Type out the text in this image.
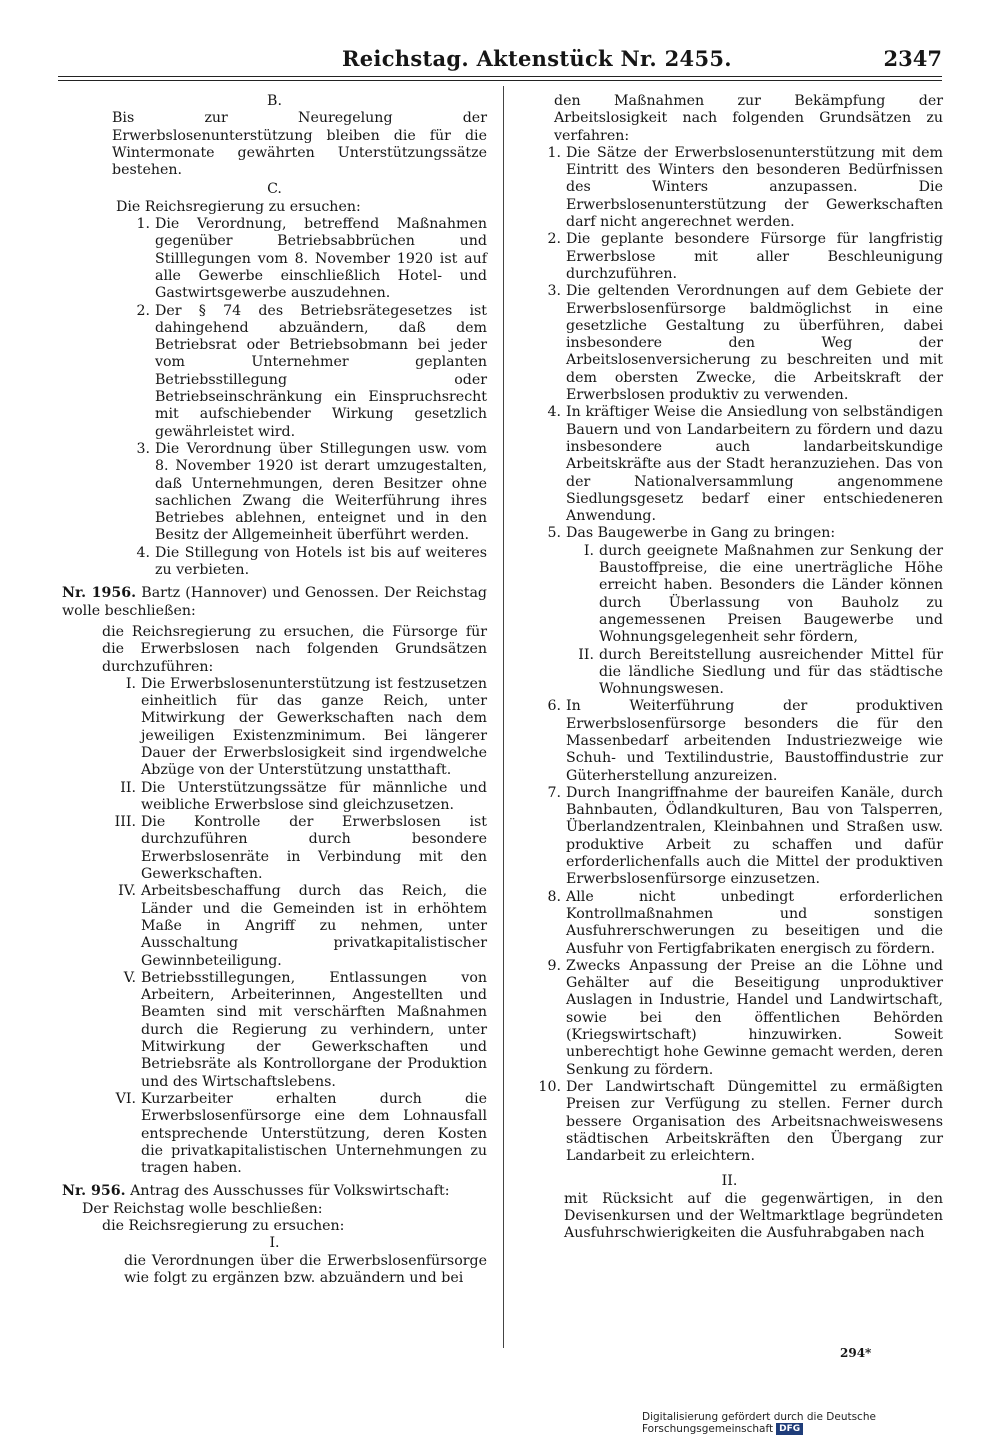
Reichstag. Aktenstück Nr. 2455.	2347

B.

Bis zur Neuregelung der Erwerbslosenunterstützung bleiben die für die Wintermonate gewährten Unterstützungssätze bestehen.

C.

Die Reichsregierung zu ersuchen:

1. Die Verordnung, betreffend Maßnahmen gegenüber Betriebsabbrüchen und Stilllegungen vom 8. November 1920 ist auf alle Gewerbe einschließlich Hotel- und Gastwirtsgewerbe auszudehnen.
2. Der § 74 des Betriebsrätegesetzes ist dahingehend abzuändern, daß dem Betriebsrat oder Betriebsobmann bei jeder vom Unternehmer geplanten Betriebsstillegung oder Betriebseinschränkung ein Einspruchsrecht mit aufschiebender Wirkung gesetzlich gewährleistet wird.
3. Die Verordnung über Stillegungen usw. vom 8. November 1920 ist derart umzugestalten, daß Unternehmungen, deren Besitzer ohne sachlichen Zwang die Weiterführung ihres Betriebes ablehnen, enteignet und in den Besitz der Allgemeinheit überführt werden.
4. Die Stillegung von Hotels ist bis auf weiteres zu verbieten.

Nr. 1956. Bartz (Hannover) und Genossen. Der Reichstag wolle beschließen:

die Reichsregierung zu ersuchen, die Fürsorge für die Erwerbslosen nach folgenden Grundsätzen durchzuführen:

I. Die Erwerbslosenunterstützung ist festzusetzen einheitlich für das ganze Reich, unter Mitwirkung der Gewerkschaften nach dem jeweiligen Existenzminimum. Bei längerer Dauer der Erwerbslosigkeit sind irgendwelche Abzüge von der Unterstützung unstatthaft.
II. Die Unterstützungssätze für männliche und weibliche Erwerbslose sind gleichzusetzen.
III. Die Kontrolle der Erwerbslosen ist durchzuführen durch besondere Erwerbslosenräte in Verbindung mit den Gewerkschaften.
IV. Arbeitsbeschaffung durch das Reich, die Länder und die Gemeinden ist in erhöhtem Maße in Angriff zu nehmen, unter Ausschaltung privatkapitalistischer Gewinnbeteiligung.
V. Betriebsstillegungen, Entlassungen von Arbeitern, Arbeiterinnen, Angestellten und Beamten sind mit verschärften Maßnahmen durch die Regierung zu verhindern, unter Mitwirkung der Gewerkschaften und Betriebsräte als Kontrollorgane der Produktion und des Wirtschaftslebens.
VI. Kurzarbeiter erhalten durch die Erwerbslosenfürsorge eine dem Lohnausfall entsprechende Unterstützung, deren Kosten die privatkapitalistischen Unternehmungen zu tragen haben.

Nr. 956. Antrag des Ausschusses für Volkswirtschaft:

Der Reichstag wolle beschließen:

die Reichsregierung zu ersuchen:

I.

die Verordnungen über die Erwerbslosenfürsorge wie folgt zu ergänzen bzw. abzuändern und bei

den Maßnahmen zur Bekämpfung der Arbeitslosigkeit nach folgenden Grundsätzen zu verfahren:

1. Die Sätze der Erwerbslosenunterstützung mit dem Eintritt des Winters den besonderen Bedürfnissen des Winters anzupassen. Die Erwerbslosenunterstützung der Gewerkschaften darf nicht angerechnet werden.
2. Die geplante besondere Fürsorge für langfristig Erwerbslose mit aller Beschleunigung durchzuführen.
3. Die geltenden Verordnungen auf dem Gebiete der Erwerbslosenfürsorge baldmöglichst in eine gesetzliche Gestaltung zu überführen, dabei insbesondere den Weg der Arbeitslosenversicherung zu beschreiten und mit dem obersten Zwecke, die Arbeitskraft der Erwerbslosen produktiv zu verwenden.
4. In kräftiger Weise die Ansiedlung von selbständigen Bauern und von Landarbeitern zu fördern und dazu insbesondere auch landarbeitskundige Arbeitskräfte aus der Stadt heranzuziehen. Das von der Nationalversammlung angenommene Siedlungsgesetz bedarf einer entschiedeneren Anwendung.
5. Das Baugewerbe in Gang zu bringen:
I. durch geeignete Maßnahmen zur Senkung der Baustoffpreise, die eine unerträgliche Höhe erreicht haben. Besonders die Länder können durch Überlassung von Bauholz zu angemessenen Preisen Baugewerbe und Wohnungsgelegenheit sehr fördern,
II. durch Bereitstellung ausreichender Mittel für die ländliche Siedlung und für das städtische Wohnungswesen.
6. In Weiterführung der produktiven Erwerbslosenfürsorge besonders die für den Massenbedarf arbeitenden Industriezweige wie Schuh- und Textilindustrie, Baustoffindustrie zur Güterherstellung anzureizen.
7. Durch Inangriffnahme der baureifen Kanäle, durch Bahnbauten, Ödlandkulturen, Bau von Talsperren, Überlandzentralen, Kleinbahnen und Straßen usw. produktive Arbeit zu schaffen und dafür erforderlichenfalls auch die Mittel der produktiven Erwerbslosenfürsorge einzusetzen.
8. Alle nicht unbedingt erforderlichen Kontrollmaßnahmen und sonstigen Ausfuhrerschwerungen zu beseitigen und die Ausfuhr von Fertigfabrikaten energisch zu fördern.
9. Zwecks Anpassung der Preise an die Löhne und Gehälter auf die Beseitigung unproduktiver Auslagen in Industrie, Handel und Landwirtschaft, sowie bei den öffentlichen Behörden (Kriegswirtschaft) hinzuwirken. Soweit unberechtigt hohe Gewinne gemacht werden, deren Senkung zu fördern.
10. Der Landwirtschaft Düngemittel zu ermäßigten Preisen zur Verfügung zu stellen. Ferner durch bessere Organisation des Arbeitsnachweiswesens städtischen Arbeitskräften den Übergang zur Landarbeit zu erleichtern.

II.

mit Rücksicht auf die gegenwärtigen, in den Devisenkursen und der Weltmarktlage begründeten Ausfuhrschwierigkeiten die Ausfuhrabgaben nach

294*
Digitalisierung gefördert durch die Deutsche Forschungsgemeinschaft DFG
